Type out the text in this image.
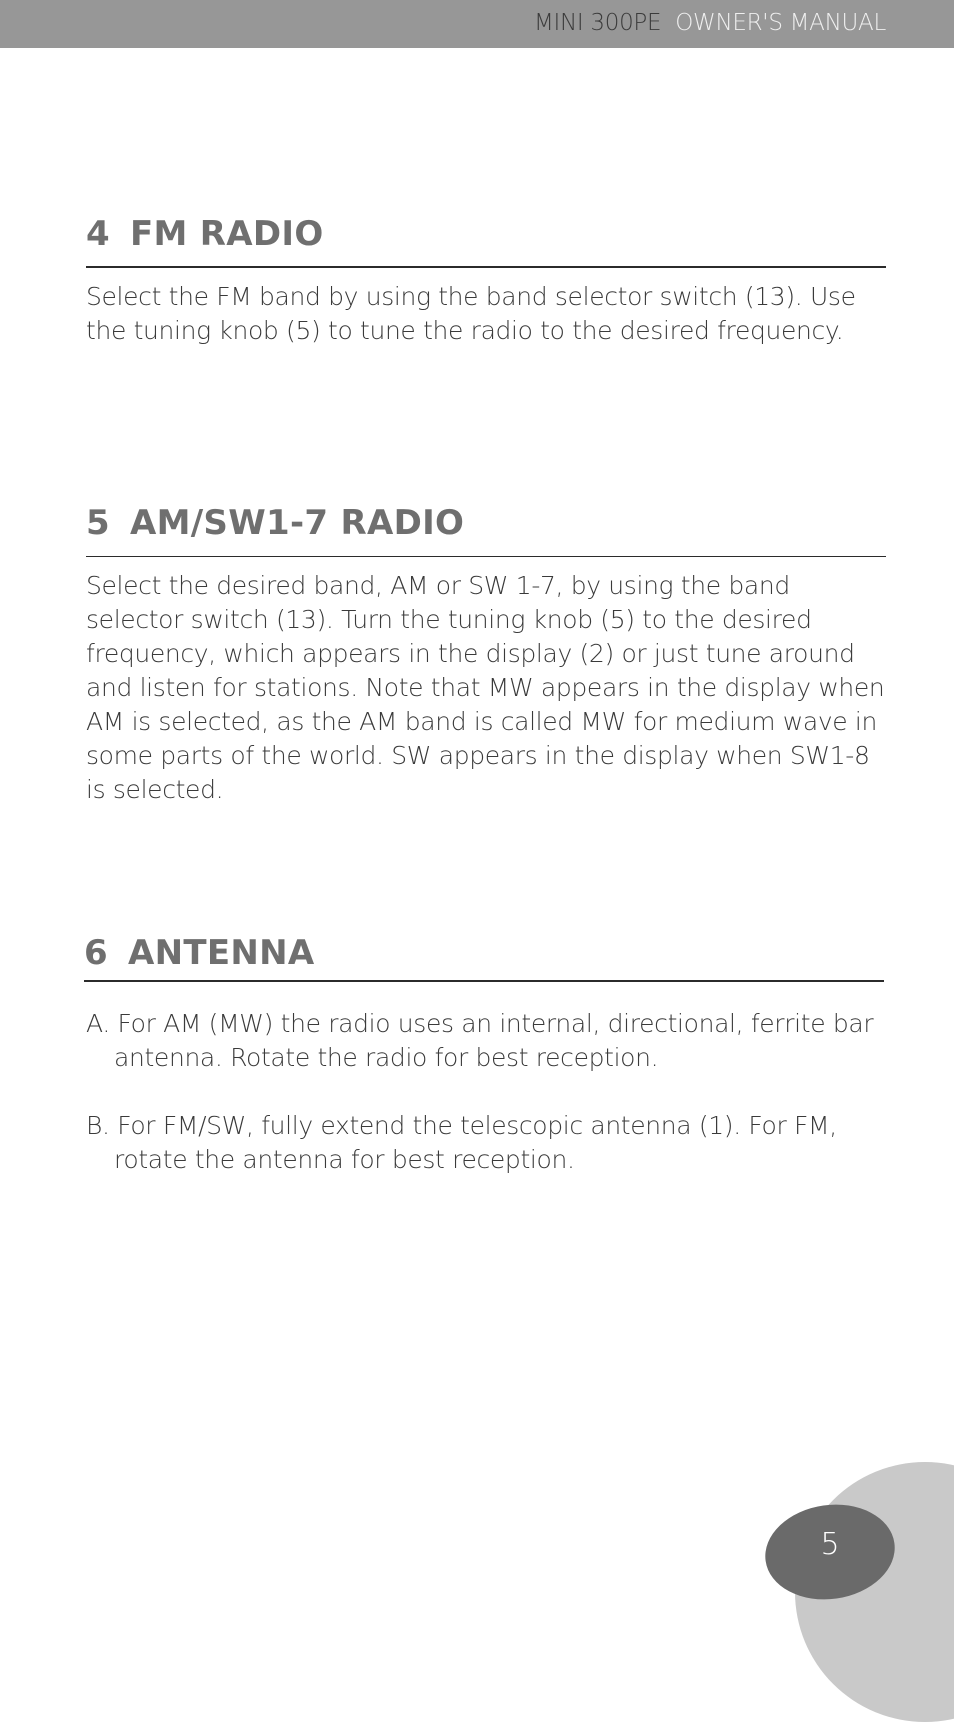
MINI 300PE OWNER'S MANUAL
4 FM RADIO

Select the FM band by using the band selector switch (13). Use the tuning knob (5) to tune the radio to the desired frequency.

5 AM/SW1-7 RADIO

Select the desired band, AM or SW 1-7, by using the band selector switch (13). Turn the tuning knob (5) to the desired frequency, which appears in the display (2) or just tune around and listen for stations. Note that MW appears in the display when AM is selected, as the AM band is called MW for medium wave in some parts of the world. SW appears in the display when SW1-8 is selected.

6 ANTENNA

A. For AM (MW) the radio uses an internal, directional, ferrite bar antenna. Rotate the radio for best reception.

B. For FM/SW, fully extend the telescopic antenna (1). For FM, rotate the antenna for best reception.

5
